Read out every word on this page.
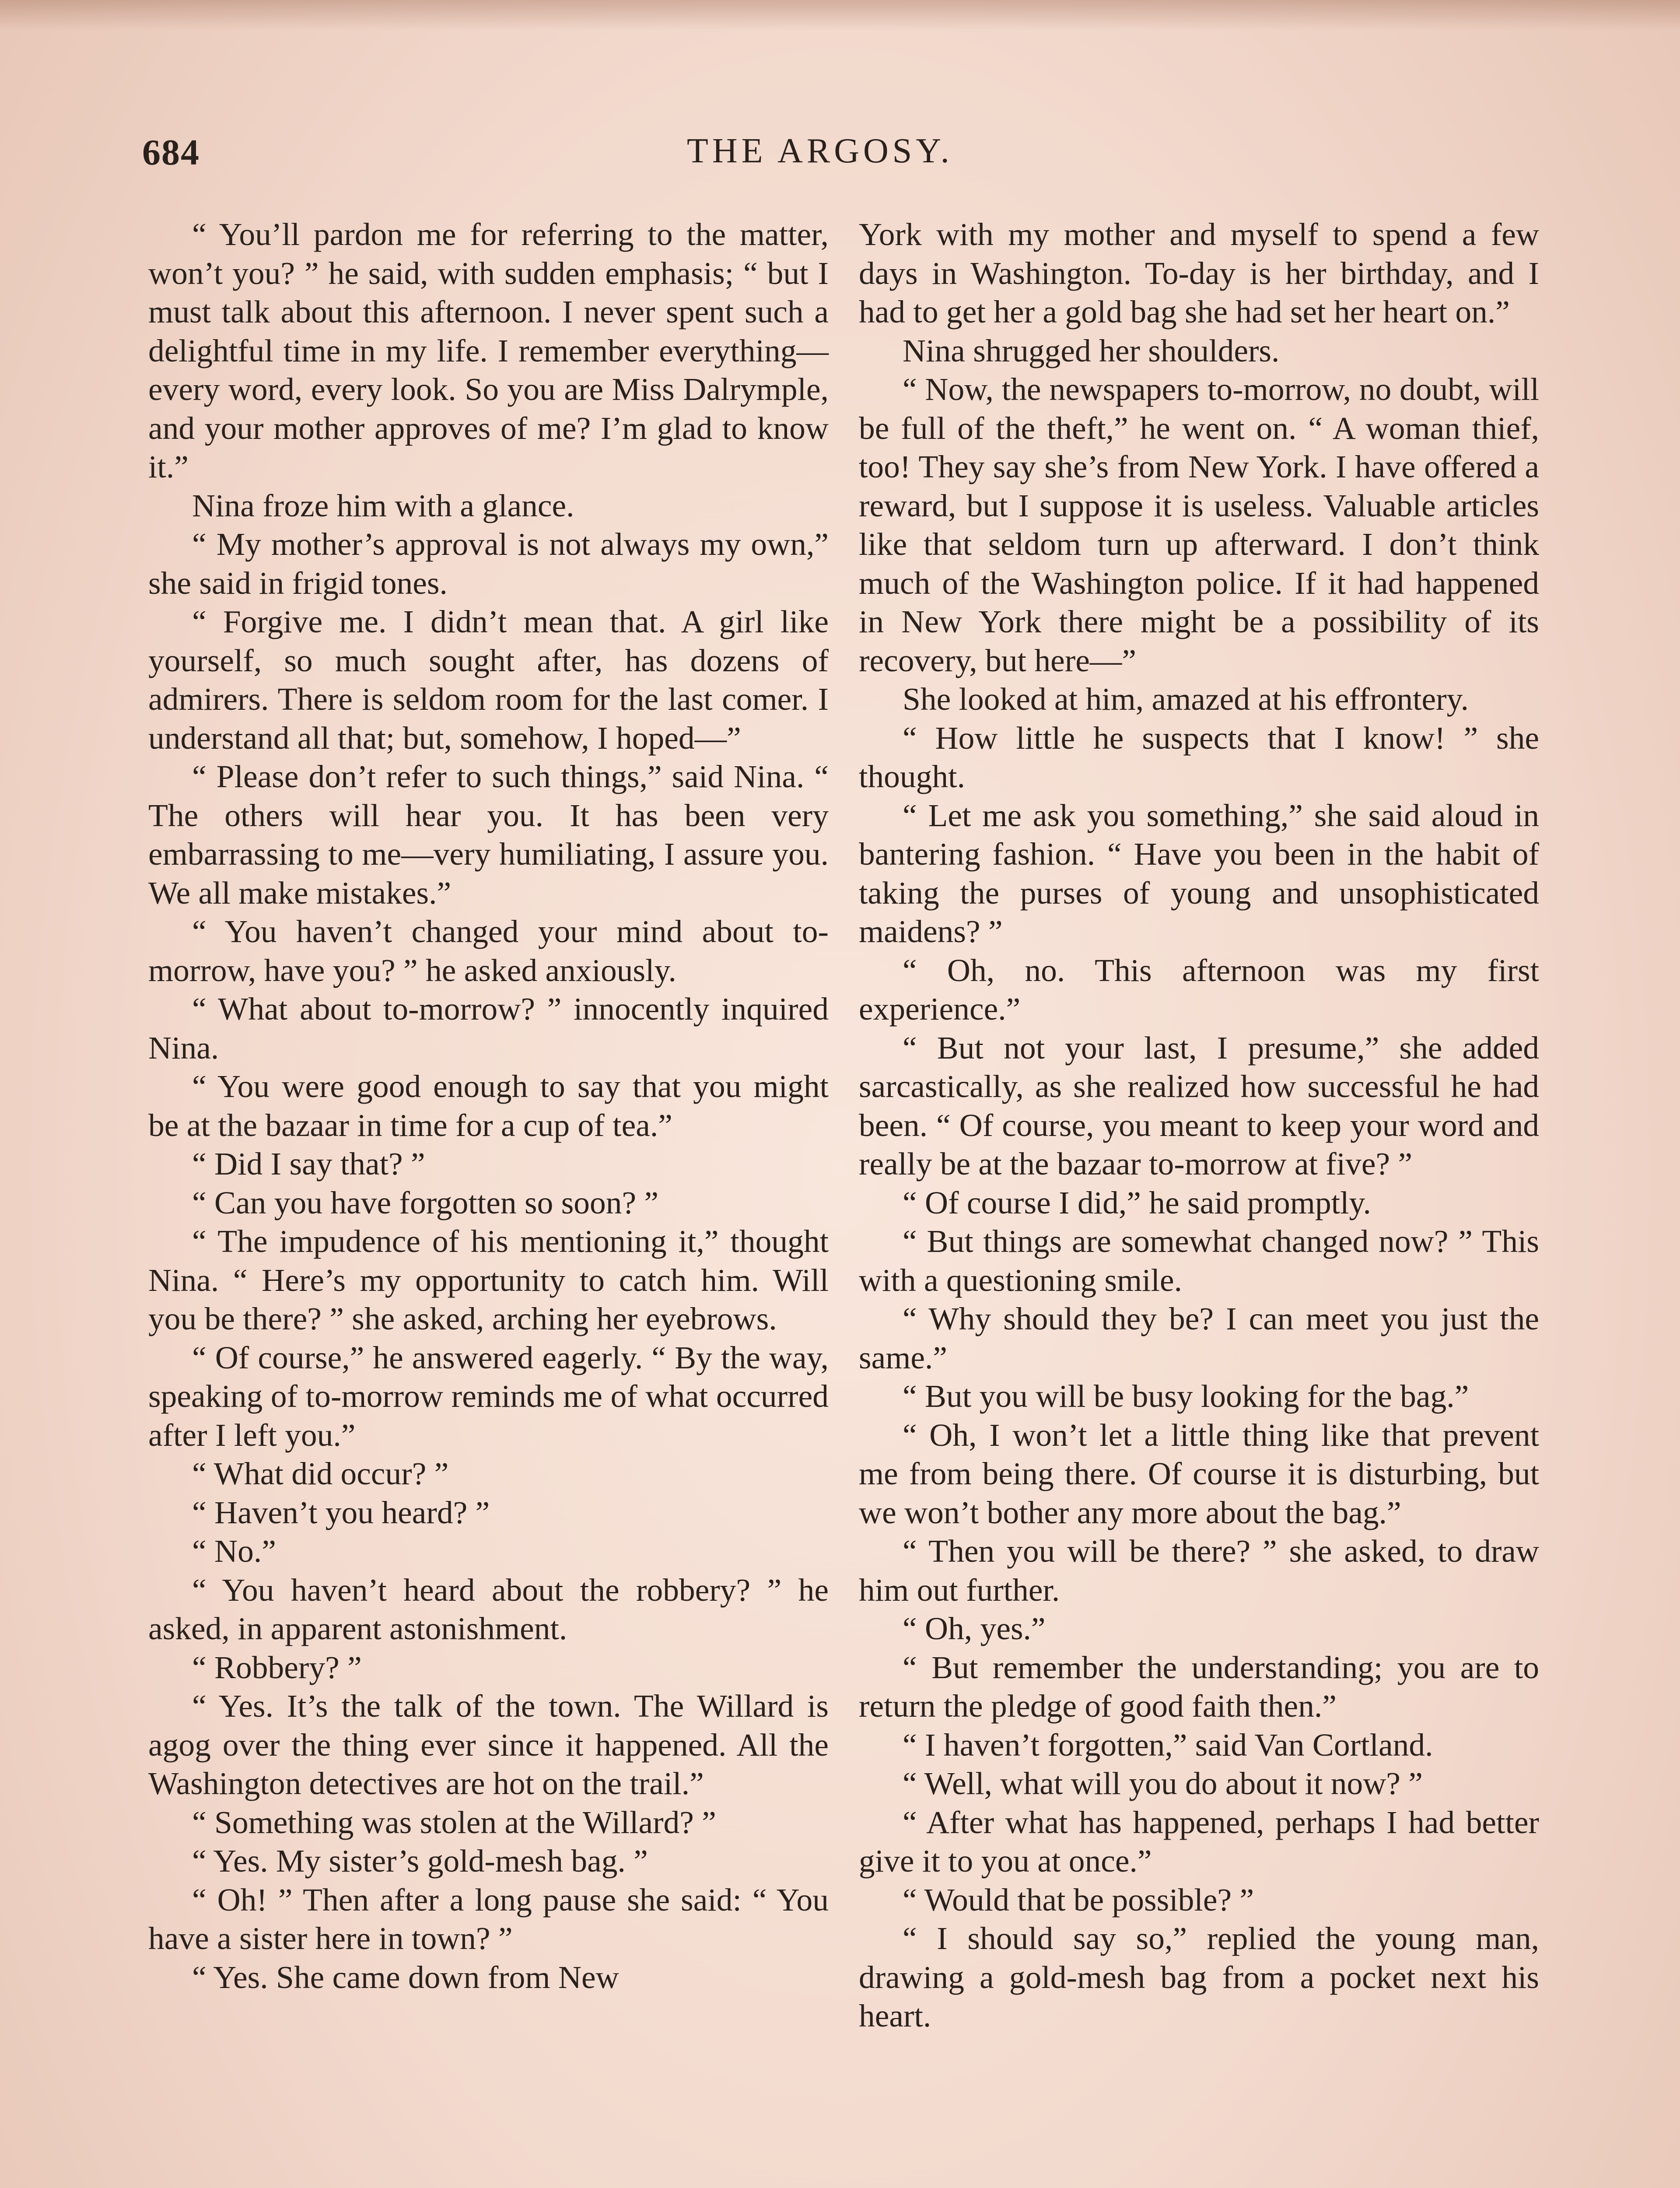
684	THE ARGOSY.

“ You’ll pardon me for referring to the matter, won’t you? ” he said, with sudden emphasis; “ but I must talk about this afternoon. I never spent such a delightful time in my life. I remember everything—every word, every look. So you are Miss Dalrymple, and your mother approves of me? I’m glad to know it.”

Nina froze him with a glance.

“ My mother’s approval is not always my own,” she said in frigid tones.

“ Forgive me. I didn’t mean that. A girl like yourself, so much sought after, has dozens of admirers. There is seldom room for the last comer. I understand all that; but, somehow, I hoped—”

“ Please don’t refer to such things,” said Nina. “ The others will hear you. It has been very embarrassing to me—very humiliating, I assure you. We all make mistakes.”

“ You haven’t changed your mind about to-morrow, have you? ” he asked anxiously.

“ What about to-morrow? ” innocently inquired Nina.

“ You were good enough to say that you might be at the bazaar in time for a cup of tea.”

“ Did I say that? ”

“ Can you have forgotten so soon? ”

“ The impudence of his mentioning it,” thought Nina. “ Here’s my opportunity to catch him. Will you be there? ” she asked, arching her eyebrows.

“ Of course,” he answered eagerly. “ By the way, speaking of to-morrow reminds me of what occurred after I left you.”

“ What did occur? ”

“ Haven’t you heard? ”

“ No.”

“ You haven’t heard about the robbery? ” he asked, in apparent astonishment.

“ Robbery? ”

“ Yes. It’s the talk of the town. The Willard is agog over the thing ever since it happened. All the Washington detectives are hot on the trail.”

“ Something was stolen at the Willard? ”

“ Yes. My sister’s gold-mesh bag. ”

“ Oh! ” Then after a long pause she said: “ You have a sister here in town? ”

“ Yes. She came down from New

York with my mother and myself to spend a few days in Washington. To-day is her birthday, and I had to get her a gold bag she had set her heart on.”

Nina shrugged her shoulders.

“ Now, the newspapers to-morrow, no doubt, will be full of the theft,” he went on. “ A woman thief, too! They say she’s from New York. I have offered a reward, but I suppose it is useless. Valuable articles like that seldom turn up afterward. I don’t think much of the Washington police. If it had happened in New York there might be a possibility of its recovery, but here—”

She looked at him, amazed at his effrontery.

“ How little he suspects that I know! ” she thought.

“ Let me ask you something,” she said aloud in bantering fashion. “ Have you been in the habit of taking the purses of young and unsophisticated maidens? ”

“ Oh, no. This afternoon was my first experience.”

“ But not your last, I presume,” she added sarcastically, as she realized how successful he had been. “ Of course, you meant to keep your word and really be at the bazaar to-morrow at five? ”

“ Of course I did,” he said promptly.

“ But things are somewhat changed now? ” This with a questioning smile.

“ Why should they be? I can meet you just the same.”

“ But you will be busy looking for the bag.”

“ Oh, I won’t let a little thing like that prevent me from being there. Of course it is disturbing, but we won’t bother any more about the bag.”

“ Then you will be there? ” she asked, to draw him out further.

“ Oh, yes.”

“ But remember the understanding; you are to return the pledge of good faith then.”

“ I haven’t forgotten,” said Van Cortland.

“ Well, what will you do about it now? ”

“ After what has happened, perhaps I had better give it to you at once.”

“ Would that be possible? ”

“ I should say so,” replied the young man, drawing a gold-mesh bag from a pocket next his heart.
